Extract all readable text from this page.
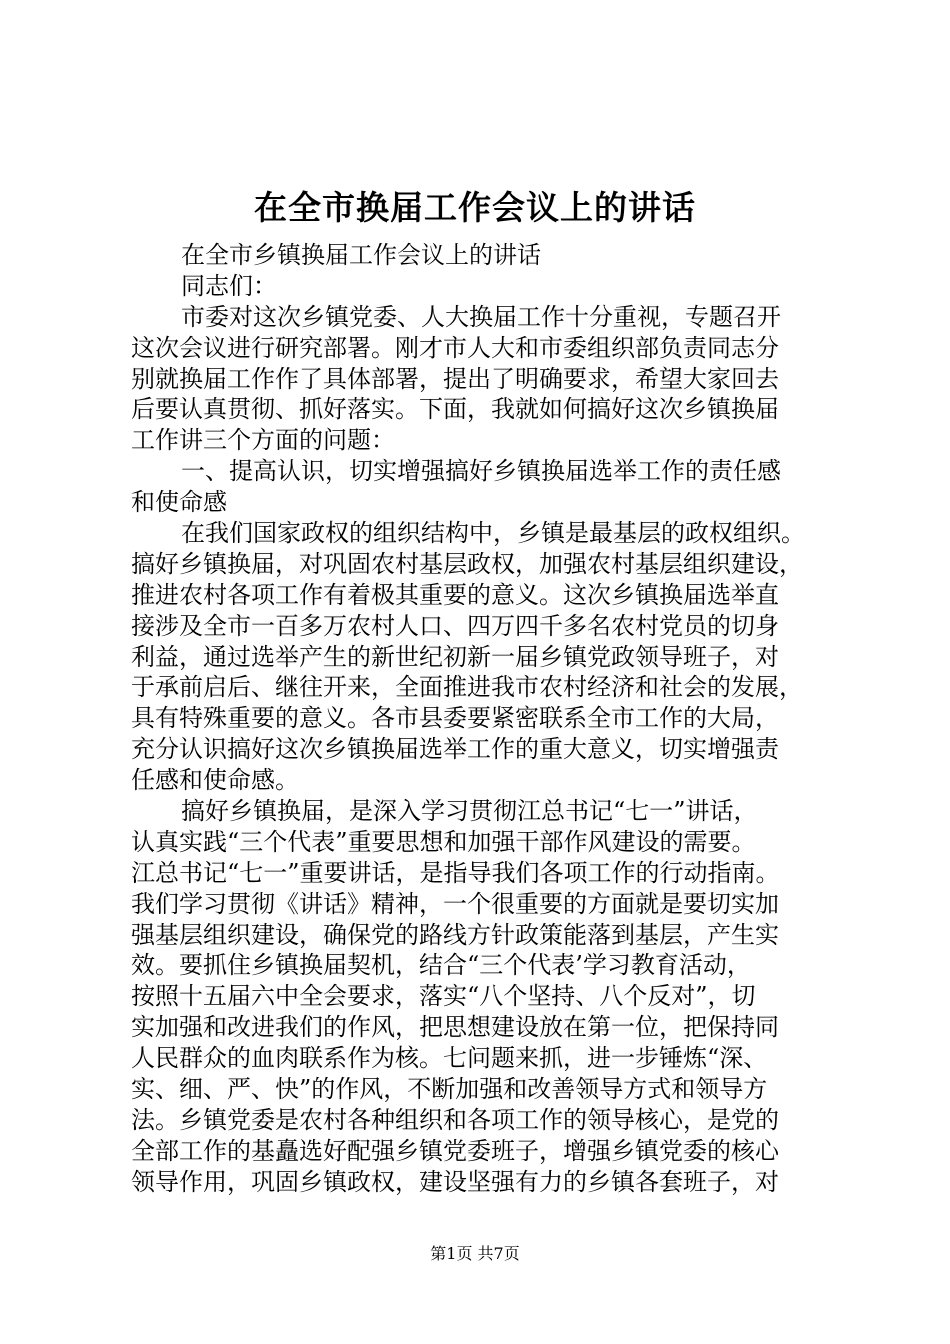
在全市换届工作会议上的讲话
在全市乡镇换届工作会议上的讲话
同志们：
市委对这次乡镇党委、人大换届工作十分重视，专题召开
这次会议进行研究部署。刚才市人大和市委组织部负责同志分
别就换届工作作了具体部署，提出了明确要求，希望大家回去
后要认真贯彻、抓好落实。下面，我就如何搞好这次乡镇换届
工作讲三个方面的问题：
一、提高认识，切实增强搞好乡镇换届选举工作的责任感
和使命感
在我们国家政权的组织结构中，乡镇是最基层的政权组织。
搞好乡镇换届，对巩固农村基层政权，加强农村基层组织建设，
推进农村各项工作有着极其重要的意义。这次乡镇换届选举直
接涉及全市一百多万农村人口、四万四千多名农村党员的切身
利益，通过选举产生的新世纪初新一届乡镇党政领导班子，对
于承前启后、继往开来，全面推进我市农村经济和社会的发展，
具有特殊重要的意义。各市县委要紧密联系全市工作的大局，
充分认识搞好这次乡镇换届选举工作的重大意义，切实增强责
任感和使命感。
搞好乡镇换届，是深入学习贯彻江总书记“七一”讲话，
认真实践“三个代表”重要思想和加强干部作风建设的需要。
江总书记“七一”重要讲话，是指导我们各项工作的行动指南。
我们学习贯彻《讲话》精神，一个很重要的方面就是要切实加
强基层组织建设，确保党的路线方针政策能落到基层，产生实
效。要抓住乡镇换届契机，结合“三个代表’学习教育活动，
按照十五届六中全会要求，落实“八个坚持、八个反对”，切
实加强和改进我们的作风，把思想建设放在第一位，把保持同
人民群众的血肉联系作为核。七问题来抓，进一步锤炼“深、
实、细、严、快”的作风，不断加强和改善领导方式和领导方
法。乡镇党委是农村各种组织和各项工作的领导核心，是党的
全部工作的基矗选好配强乡镇党委班子，增强乡镇党委的核心
领导作用，巩固乡镇政权，建设坚强有力的乡镇各套班子，对
第1页 共7页
